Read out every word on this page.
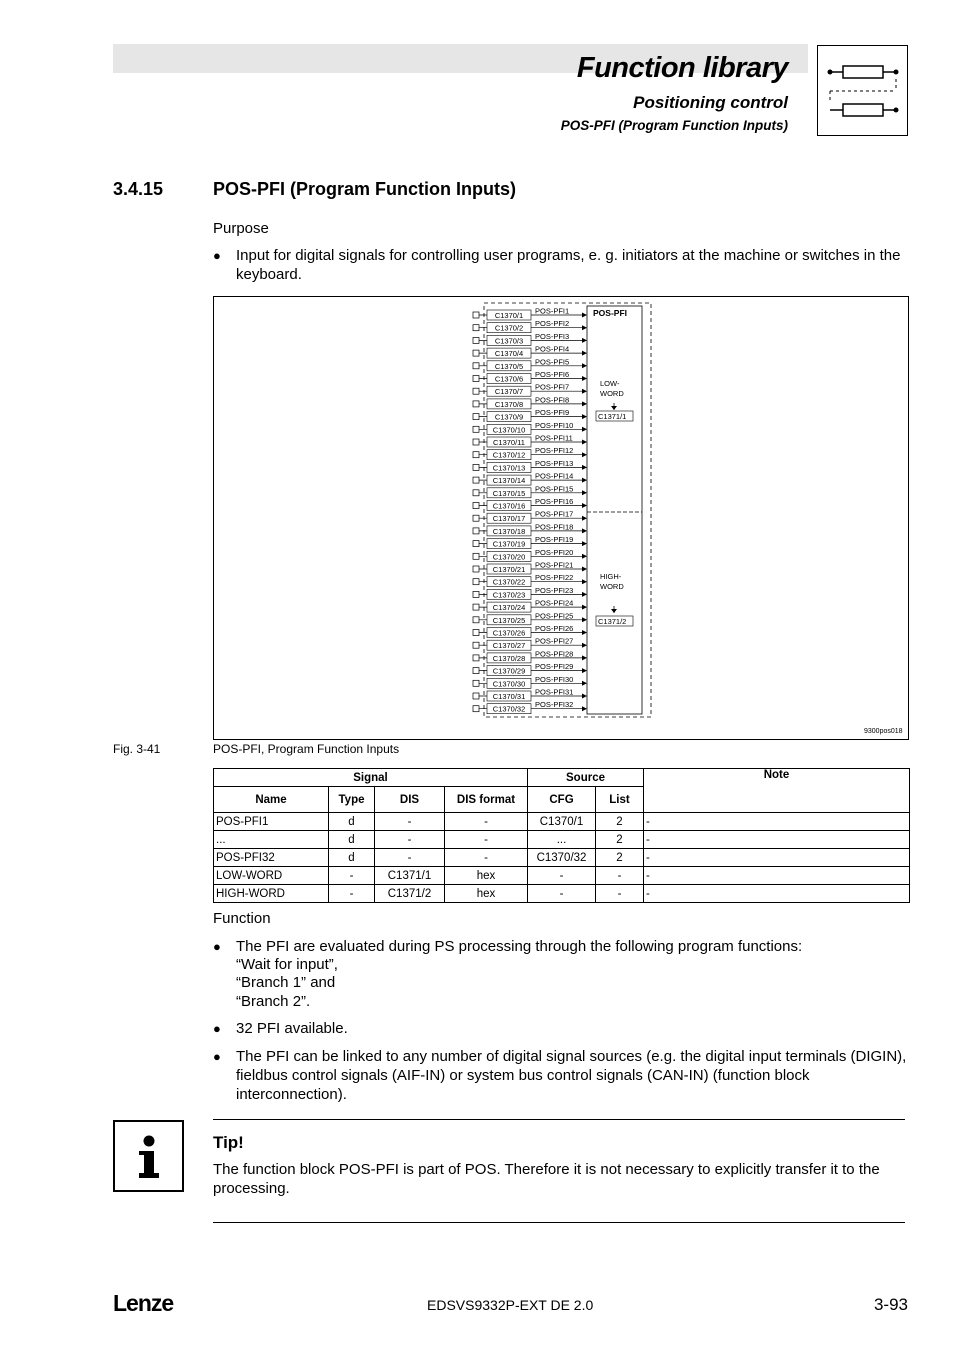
Function library
Positioning control
POS-PFI (Program Function Inputs)
3.4.15	POS-PFI (Program Function Inputs)
Purpose
● Input for digital signals for controlling user programs, e. g. initiators at the machine or switches in the keyboard.
C1370/1 POS-PFI1
C1370/2 POS-PFI2
C1370/3 POS-PFI3
C1370/4 POS-PFI4
C1370/5 POS-PFI5
C1370/6 POS-PFI6
C1370/7 POS-PFI7
C1370/8 POS-PFI8
C1370/9 POS-PFI9
C1370/10 POS-PFI10
C1370/11 POS-PFI11
C1370/12 POS-PFI12
C1370/13 POS-PFI13
C1370/14 POS-PFI14
C1370/15 POS-PFI15
C1370/16 POS-PFI16
C1370/17 POS-PFI17
C1370/18 POS-PFI18
C1370/19 POS-PFI19
C1370/20 POS-PFI20
C1370/21 POS-PFI21
C1370/22 POS-PFI22
C1370/23 POS-PFI23
C1370/24 POS-PFI24
C1370/25 POS-PFI25
C1370/26 POS-PFI26
C1370/27 POS-PFI27
C1370/28 POS-PFI28
C1370/29 POS-PFI29
C1370/30 POS-PFI30
C1370/31 POS-PFI31
C1370/32 POS-PFI32
POS-PFI
LOW-
WORD
C1371/1
HIGH-
WORD
C1371/2
9300pos018
Fig. 3-41	POS-PFI, Program Function Inputs
Signal				Source		Note
Name	Type	DIS	DIS format	CFG	List	
POS-PFI1	d	-	-	C1370/1	2	-
...	d	-	-	...	2	-
POS-PFI32	d	-	-	C1370/32	2	-
LOW-WORD	-	C1371/1	hex	-	-	-
HIGH-WORD	-	C1371/2	hex	-	-	-
Function
● The PFI are evaluated during PS processing through the following program functions:
“Wait for input”,
“Branch 1” and
“Branch 2”.
● 32 PFI available.
● The PFI can be linked to any number of digital signal sources (e.g. the digital input terminals (DIGIN), fieldbus control signals (AIF-IN) or system bus control signals (CAN-IN) (function block interconnection).
Tip!
The function block POS-PFI is part of POS. Therefore it is not necessary to explicitly transfer it to the processing.
Lenze	EDSVS9332P-EXT DE 2.0	3-93
